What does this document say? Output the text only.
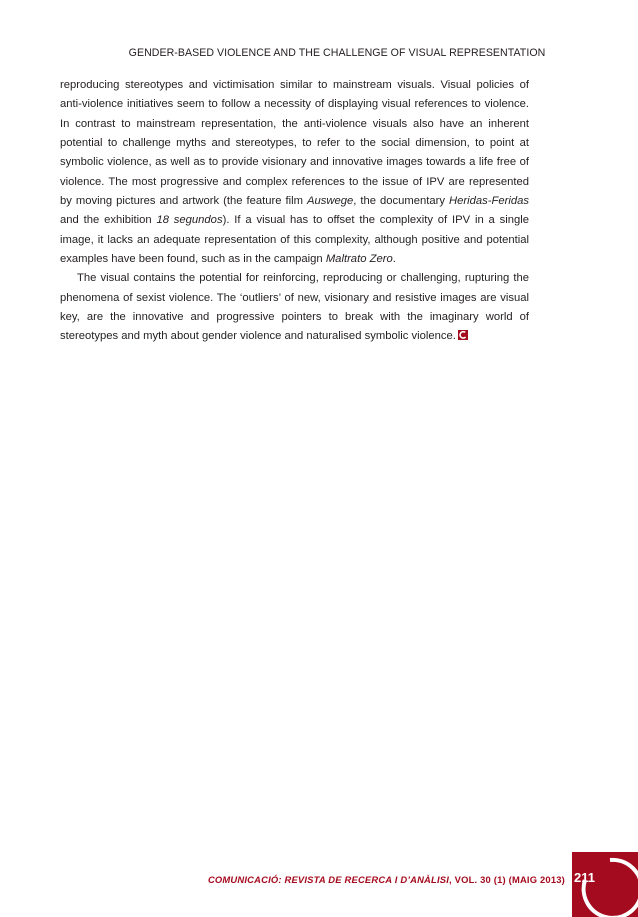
GENDER-BASED VIOLENCE AND THE CHALLENGE OF VISUAL REPRESENTATION

reproducing stereotypes and victimisation similar to mainstream visuals. Visual policies of anti-violence initiatives seem to follow a necessity of displaying visual references to violence. In contrast to mainstream representation, the anti-violence visuals also have an inherent potential to challenge myths and stereotypes, to refer to the social dimension, to point at symbolic violence, as well as to provide visionary and innovative images towards a life free of violence. The most progressive and complex references to the issue of IPV are represented by moving pictures and artwork (the feature film Auswege, the documentary Heridas-Feridas and the exhibition 18 segundos). If a visual has to offset the complexity of IPV in a single image, it lacks an adequate representation of this complexity, although positive and potential examples have been found, such as in the campaign Maltrato Zero.

The visual contains the potential for reinforcing, reproducing or challenging, rupturing the phenomena of sexist violence. The ‘outliers’ of new, visionary and resistive images are visual key, are the innovative and progressive pointers to break with the imaginary world of stereotypes and myth about gender violence and naturalised symbolic violence.

COMUNICACIÓ: REVISTA DE RECERCA I D’ANÀLISI, VOL. 30 (1) (MAIG 2013) 211
